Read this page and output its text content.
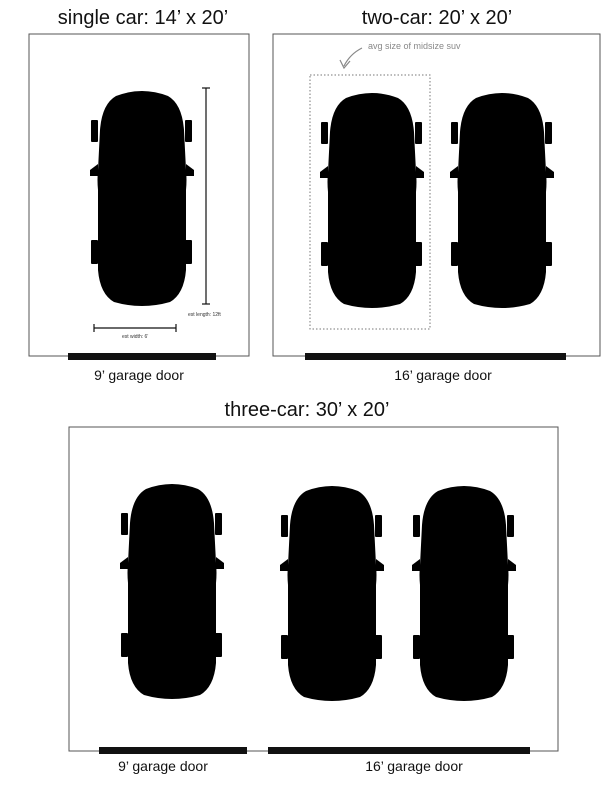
single car: 14’ x 20’
est length: 12ft
est width: 6’
9’ garage door
two-car: 20’ x 20’
avg size of midsize suv
16’ garage door
three-car: 30’ x 20’
9’ garage door	16’ garage door
